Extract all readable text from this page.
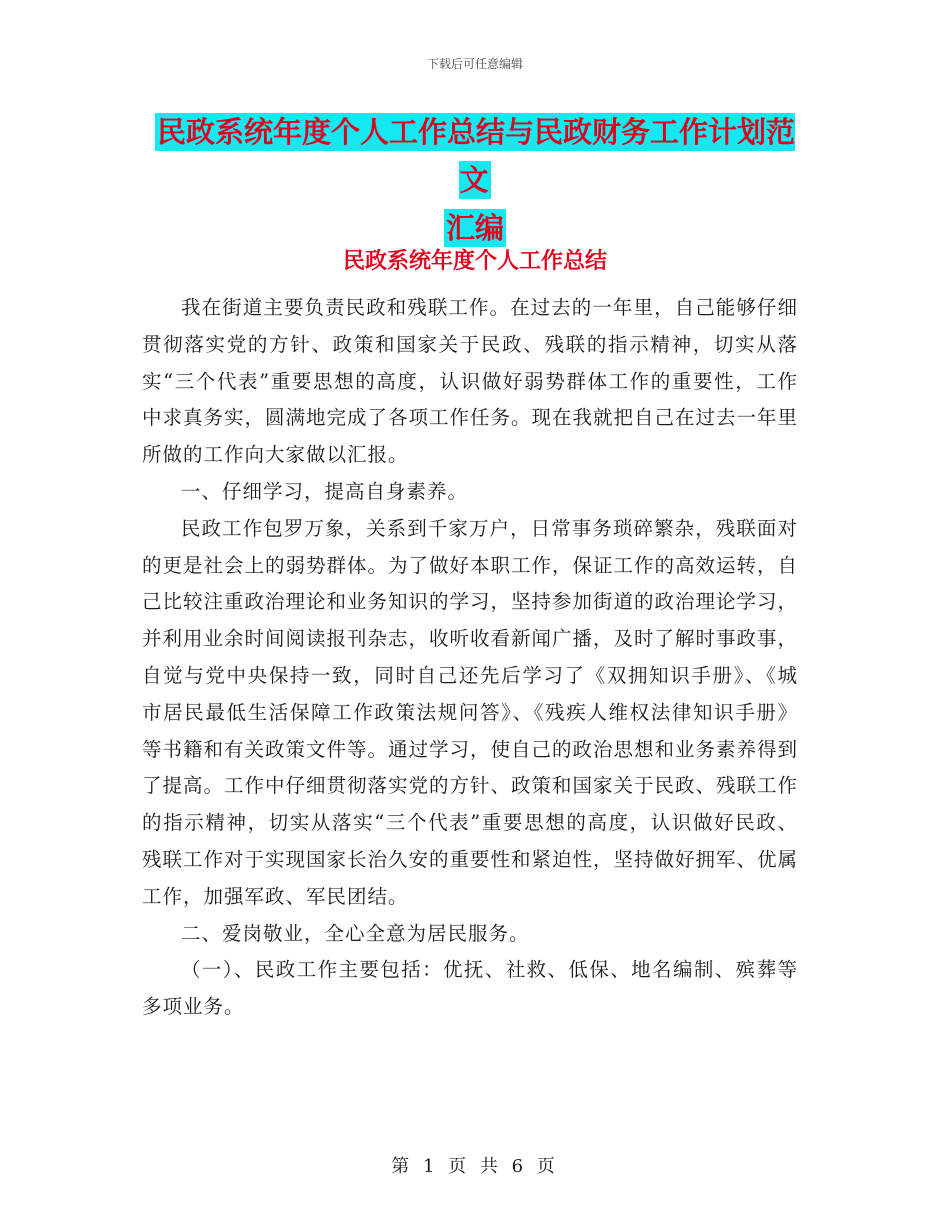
下载后可任意编辑
民政系统年度个人工作总结与民政财务工作计划范文
汇编
民政系统年度个人工作总结

我在街道主要负责民政和残联工作。在过去的一年里，自己能够仔细贯彻落实党的方针、政策和国家关于民政、残联的指示精神，切实从落实“三个代表”重要思想的高度，认识做好弱势群体工作的重要性，工作中求真务实，圆满地完成了各项工作任务。现在我就把自己在过去一年里所做的工作向大家做以汇报。

一、仔细学习，提高自身素养。

民政工作包罗万象，关系到千家万户，日常事务琐碎繁杂，残联面对的更是社会上的弱势群体。为了做好本职工作，保证工作的高效运转，自己比较注重政治理论和业务知识的学习，坚持参加街道的政治理论学习，并利用业余时间阅读报刊杂志，收听收看新闻广播，及时了解时事政事，自觉与党中央保持一致，同时自己还先后学习了《双拥知识手册》、《城市居民最低生活保障工作政策法规问答》、《残疾人维权法律知识手册》等书籍和有关政策文件等。通过学习，使自己的政治思想和业务素养得到了提高。工作中仔细贯彻落实党的方针、政策和国家关于民政、残联工作的指示精神，切实从落实“三个代表”重要思想的高度，认识做好民政、残联工作对于实现国家长治久安的重要性和紧迫性，坚持做好拥军、优属工作，加强军政、军民团结。

二、爱岗敬业，全心全意为居民服务。

（一）、民政工作主要包括：优抚、社救、低保、地名编制、殡葬等多项业务。

第 1 页 共 6 页
